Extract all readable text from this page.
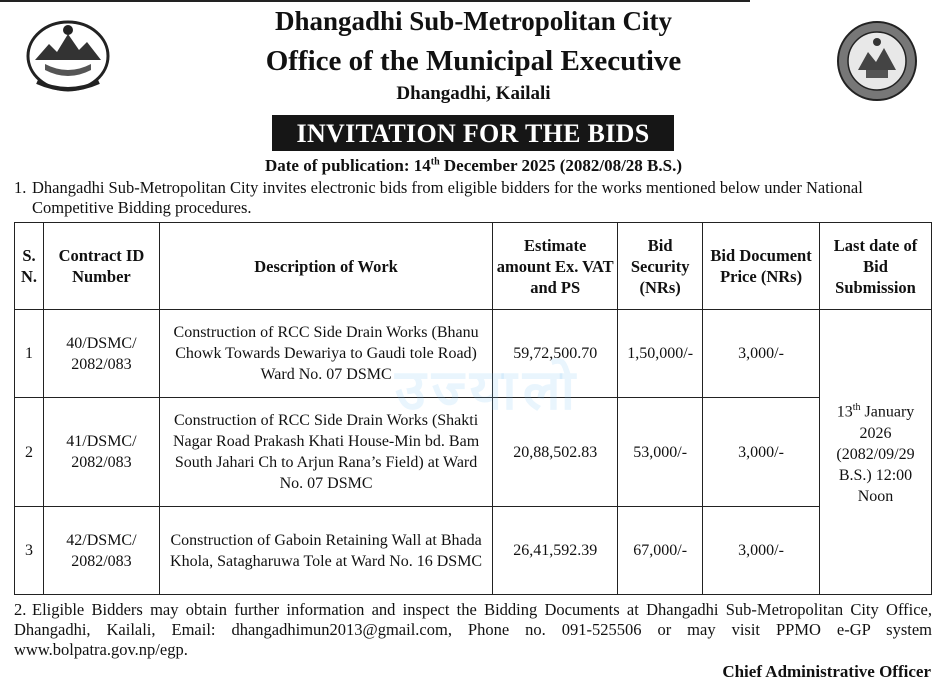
Dhangadhi Sub-Metropolitan City
Office of the Municipal Executive
Dhangadhi, Kailali
INVITATION FOR THE BIDS
Date of publication: 14th December 2025 (2082/08/28 B.S.)
1. Dhangadhi Sub-Metropolitan City invites electronic bids from eligible bidders for the works mentioned below under National
Competitive Bidding procedures.
S. N.	Contract ID Number	Description of Work	Estimate amount Ex. VAT and PS	Bid Security (NRs)	Bid Document Price (NRs)	Last date of Bid Submission
1	40/DSMC/ 2082/083	Construction of RCC Side Drain Works (Bhanu Chowk Towards Dewariya to Gaudi tole Road) Ward No. 07 DSMC	59,72,500.70	1,50,000/-	3,000/-	13th January 2026 (2082/09/29 B.S.) 12:00 Noon
2	41/DSMC/ 2082/083	Construction of RCC Side Drain Works (Shakti Nagar Road Prakash Khati House-Min bd. Bam South Jahari Ch to Arjun Rana’s Field) at Ward No. 07 DSMC	20,88,502.83	53,000/-	3,000/-	
3	42/DSMC/ 2082/083	Construction of Gaboin Retaining Wall at Bhada Khola, Satagharuwa Tole at Ward No. 16 DSMC	26,41,592.39	67,000/-	3,000/-	
उज्यालो
2. Eligible Bidders may obtain further information and inspect the Bidding Documents at Dhangadhi Sub-Metropolitan City Office, Dhangadhi, Kailali, Email: dhangadhimun2013@gmail.com, Phone no. 091-525506 or may visit PPMO e-GP system www.bolpatra.gov.np/egp.
Chief Administrative Officer
